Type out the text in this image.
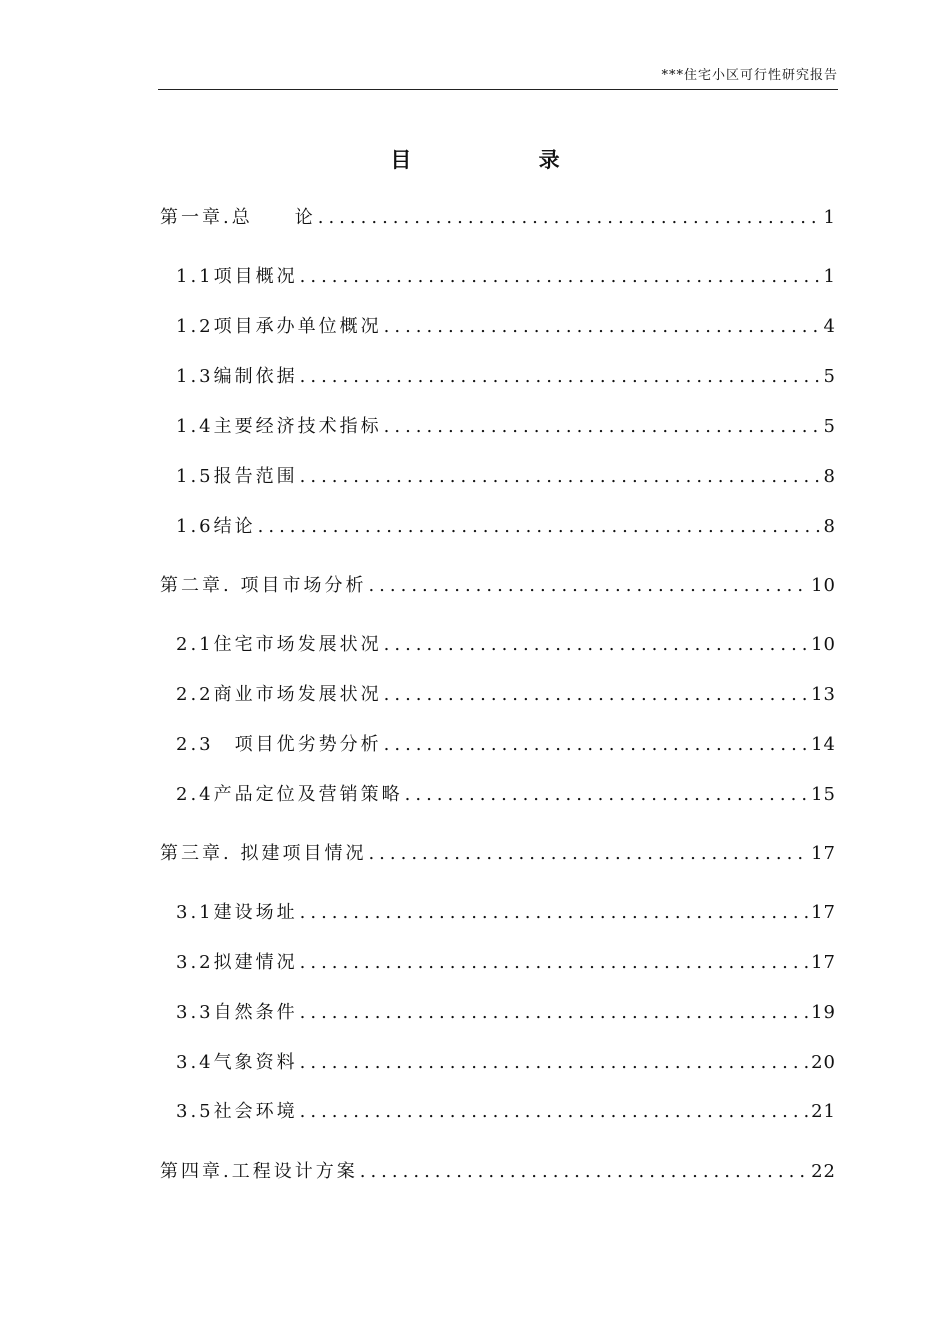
***住宅小区可行性研究报告
目 录
第一章.总　　论 .....	1
1.1项目概况 .....	1
1.2项目承办单位概况 .....	4
1.3编制依据 .....	5
1.4主要经济技术指标 .....	5
1.5报告范围 .....	8
1.6结论 .....	8
第二章. 项目市场分析 .....	10
2.1住宅市场发展状况 .....	10
2.2商业市场发展状况 .....	13
2.3　项目优劣势分析 .....	14
2.4产品定位及营销策略 .....	15
第三章. 拟建项目情况 .....	17
3.1建设场址 .....	17
3.2拟建情况 .....	17
3.3自然条件 .....	19
3.4气象资料 .....	20
3.5社会环境 .....	21
第四章.工程设计方案 .....	22
